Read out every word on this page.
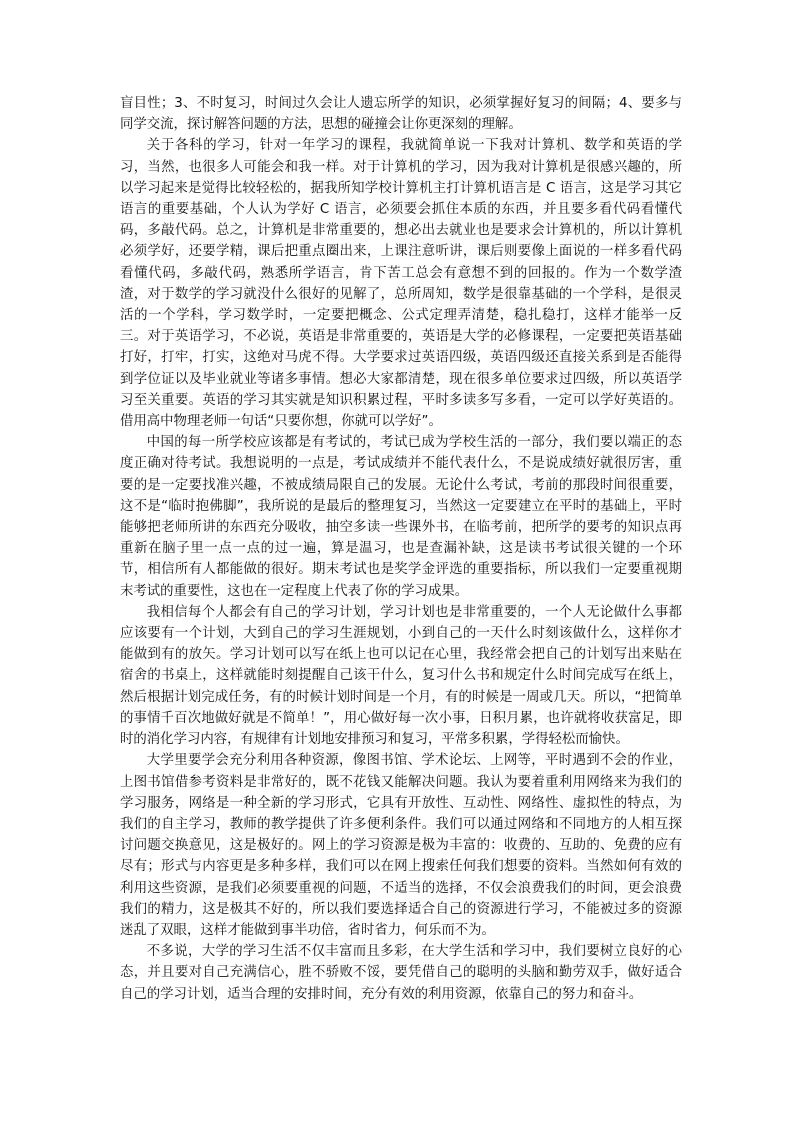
盲目性；3、不时复习，时间过久会让人遗忘所学的知识，必须掌握好复习的间隔；4、要多与同学交流，探讨解答问题的方法，思想的碰撞会让你更深刻的理解。

关于各科的学习，针对一年学习的课程，我就简单说一下我对计算机、数学和英语的学习，当然，也很多人可能会和我一样。对于计算机的学习，因为我对计算机是很感兴趣的，所以学习起来是觉得比较轻松的，据我所知学校计算机主打计算机语言是 C 语言，这是学习其它语言的重要基础，个人认为学好 C 语言，必须要会抓住本质的东西，并且要多看代码看懂代码，多敲代码。总之，计算机是非常重要的，想必出去就业也是要求会计算机的，所以计算机必须学好，还要学精，课后把重点圈出来，上课注意听讲，课后则要像上面说的一样多看代码看懂代码，多敲代码，熟悉所学语言，肯下苦工总会有意想不到的回报的。作为一个数学渣渣，对于数学的学习就没什么很好的见解了，总所周知，数学是很靠基础的一个学科，是很灵活的一个学科，学习数学时，一定要把概念、公式定理弄清楚，稳扎稳打，这样才能举一反三。对于英语学习，不必说，英语是非常重要的，英语是大学的必修课程，一定要把英语基础打好，打牢，打实，这绝对马虎不得。大学要求过英语四级，英语四级还直接关系到是否能得到学位证以及毕业就业等诸多事情。想必大家都清楚，现在很多单位要求过四级，所以英语学习至关重要。英语的学习其实就是知识积累过程，平时多读多写多看，一定可以学好英语的。借用高中物理老师一句话“只要你想，你就可以学好”。

中国的每一所学校应该都是有考试的，考试已成为学校生活的一部分，我们要以端正的态度正确对待考试。我想说明的一点是，考试成绩并不能代表什么，不是说成绩好就很厉害，重要的是一定要找准兴趣，不被成绩局限自己的发展。无论什么考试，考前的那段时间很重要，这不是“临时抱佛脚”，我所说的是最后的整理复习，当然这一定要建立在平时的基础上，平时能够把老师所讲的东西充分吸收，抽空多读一些课外书，在临考前，把所学的要考的知识点再重新在脑子里一点一点的过一遍，算是温习，也是查漏补缺，这是读书考试很关键的一个环节，相信所有人都能做的很好。期末考试也是奖学金评选的重要指标，所以我们一定要重视期末考试的重要性，这也在一定程度上代表了你的学习成果。

我相信每个人都会有自己的学习计划，学习计划也是非常重要的，一个人无论做什么事都应该要有一个计划，大到自己的学习生涯规划，小到自己的一天什么时刻该做什么，这样你才能做到有的放矢。学习计划可以写在纸上也可以记在心里，我经常会把自己的计划写出来贴在宿舍的书桌上，这样就能时刻提醒自己该干什么，复习什么书和规定什么时间完成写在纸上，然后根据计划完成任务，有的时候计划时间是一个月，有的时候是一周或几天。所以，“把简单的事情千百次地做好就是不简单！”，用心做好每一次小事，日积月累，也许就将收获富足，即时的消化学习内容，有规律有计划地安排预习和复习，平常多积累，学得轻松而愉快。

大学里要学会充分利用各种资源，像图书馆、学术论坛、上网等，平时遇到不会的作业，上图书馆借参考资料是非常好的，既不花钱又能解决问题。我认为要着重利用网络来为我们的学习服务，网络是一种全新的学习形式，它具有开放性、互动性、网络性、虚拟性的特点，为我们的自主学习，教师的教学提供了许多便利条件。我们可以通过网络和不同地方的人相互探讨问题交换意见，这是极好的。网上的学习资源是极为丰富的：收费的、互助的、免费的应有尽有；形式与内容更是多种多样，我们可以在网上搜索任何我们想要的资料。当然如何有效的利用这些资源，是我们必须要重视的问题，不适当的选择，不仅会浪费我们的时间，更会浪费我们的精力，这是极其不好的，所以我们要选择适合自己的资源进行学习，不能被过多的资源迷乱了双眼，这样才能做到事半功倍，省时省力，何乐而不为。

不多说，大学的学习生活不仅丰富而且多彩，在大学生活和学习中，我们要树立良好的心态，并且要对自己充满信心，胜不骄败不馁，要凭借自己的聪明的头脑和勤劳双手，做好适合自己的学习计划，适当合理的安排时间，充分有效的利用资源，依靠自己的努力和奋斗。
